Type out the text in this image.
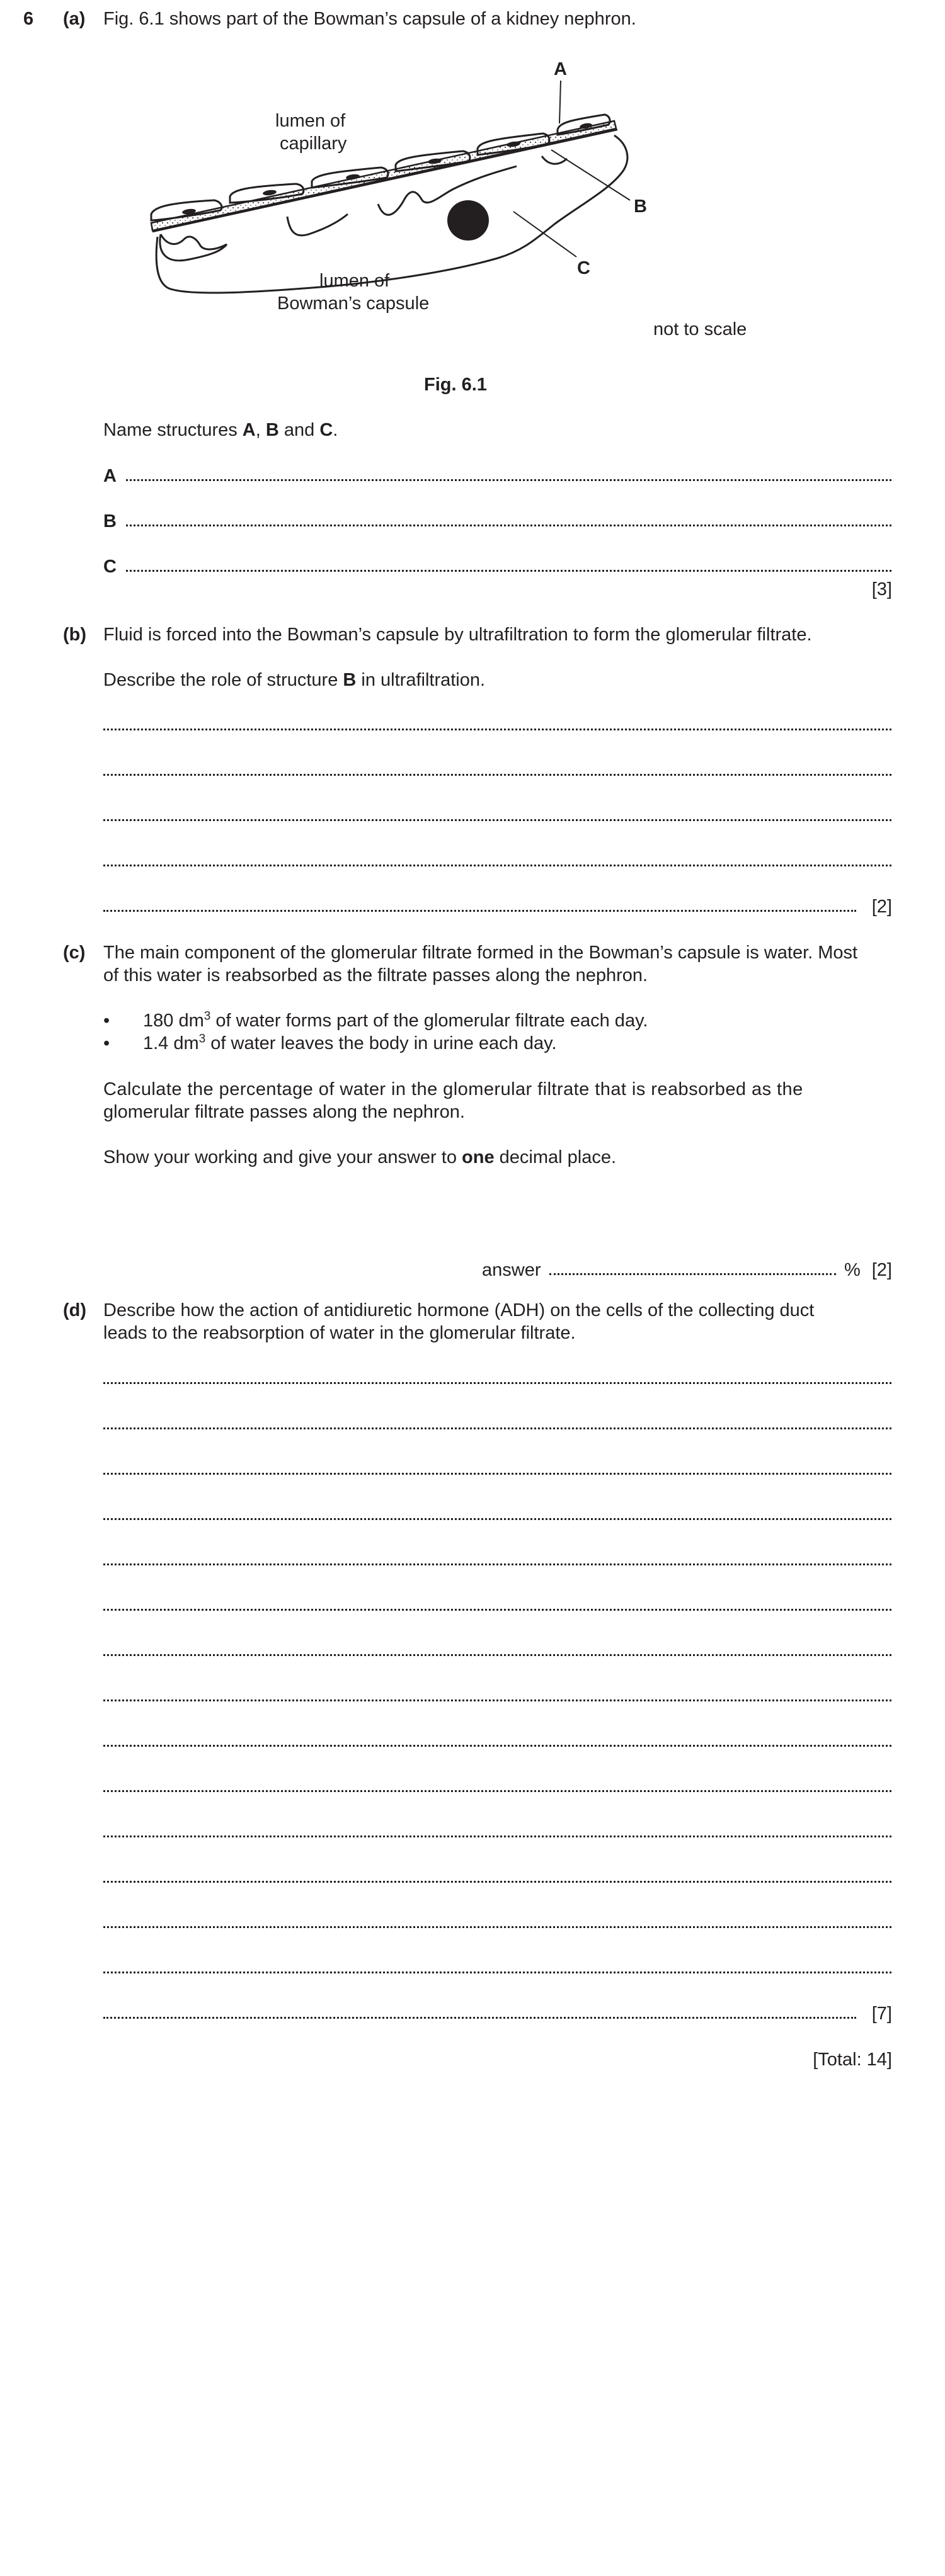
6 (a) Fig. 6.1 shows part of the Bowman’s capsule of a kidney nephron.
lumen of
capillary
A
B
C
lumen of
Bowman’s capsule
not to scale
Fig. 6.1
Name structures A, B and C.
A
B
C
[3]
(b) Fluid is forced into the Bowman’s capsule by ultrafiltration to form the glomerular filtrate.
Describe the role of structure B in ultrafiltration.
[2]
(c) The main component of the glomerular filtrate formed in the Bowman’s capsule is water. Most
of this water is reabsorbed as the filtrate passes along the nephron.
• 180 $dm^3$ of water forms part of the glomerular filtrate each day.
• 1.4 $dm^3$ of water leaves the body in urine each day.
Calculate the percentage of water in the glomerular filtrate that is reabsorbed as the
glomerular filtrate passes along the nephron.
Show your working and give your answer to one decimal place.
answer	% [2]
(d) Describe how the action of antidiuretic hormone (ADH) on the cells of the collecting duct
leads to the reabsorption of water in the glomerular filtrate.
[7]
[Total: 14]
